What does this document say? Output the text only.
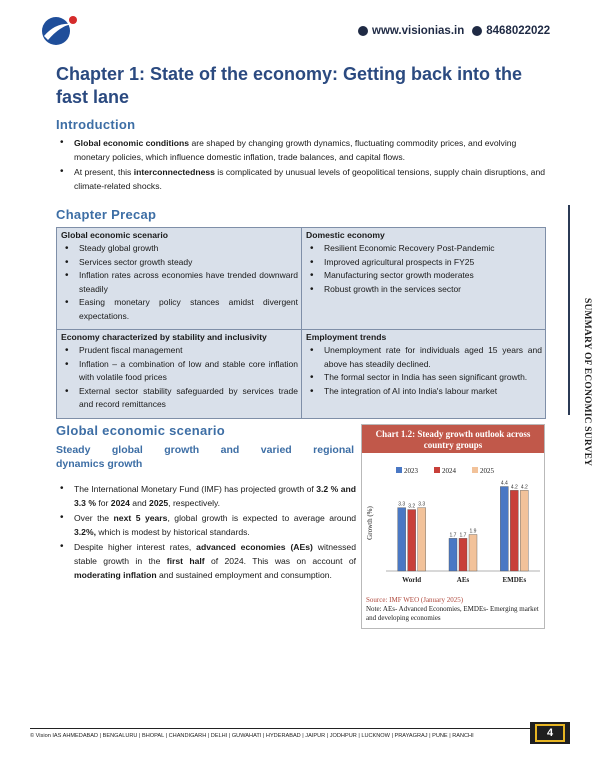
www.visionias.in 8468022022
Chapter 1: State of the economy: Getting back into the fast lane
Introduction
• Global economic conditions are shaped by changing growth dynamics, fluctuating commodity prices, and evolving monetary policies, which influence domestic inflation, trade balances, and capital flows.
• At present, this interconnectedness is complicated by unusual levels of geopolitical tensions, supply chain disruptions, and climate-related shocks.
Chapter Precap
Global economic scenario
• Steady global growth
• Services sector growth steady
• Inflation rates across economies have trended downward steadily
• Easing monetary policy stances amidst divergent expectations.
Domestic economy
• Resilient Economic Recovery Post-Pandemic
• Improved agricultural prospects in FY25
• Manufacturing sector growth moderates
• Robust growth in the services sector
Economy characterized by stability and inclusivity
• Prudent fiscal management
• Inflation – a combination of low and stable core inflation with volatile food prices
• External sector stability safeguarded by services trade and record remittances
Employment trends
• Unemployment rate for individuals aged 15 years and above has steadily declined.
• The formal sector in India has seen significant growth.
• The integration of AI into India's labour market	SUMMARY OF ECONOMIC SURVEY
Global economic scenario
Steady global growth and varied regional
dynamics growth
• The International Monetary Fund (IMF) has projected growth of 3.2 % and 3.3 % for 2024 and 2025, respectively.
• Over the next 5 years, global growth is expected to average around 3.2%, which is modest by historical standards.
• Despite higher interest rates, advanced economies (AEs) witnessed stable growth in the first half of 2024. This was on account of moderating inflation and sustained employment and consumption.
Chart 1.2: Steady growth outlook across country groups
2023	2024	2025
Growth (%)
3.3 3.2 3.3
World
1.7 1.7
1.9
AEs
4.4
4.2 4.2
EMDEs
Source: IMF WEO (January 2025)
Note: AEs- Advanced Economies, EMDEs- Emerging market and developing economies
© Vision IAS AHMEDABAD | BENGALURU | BHOPAL | CHANDIGARH | DELHI | GUWAHATI | HYDERABAD | JAIPUR | JODHPUR | LUCKNOW | PRAYAGRAJ | PUNE | RANCHI	4
